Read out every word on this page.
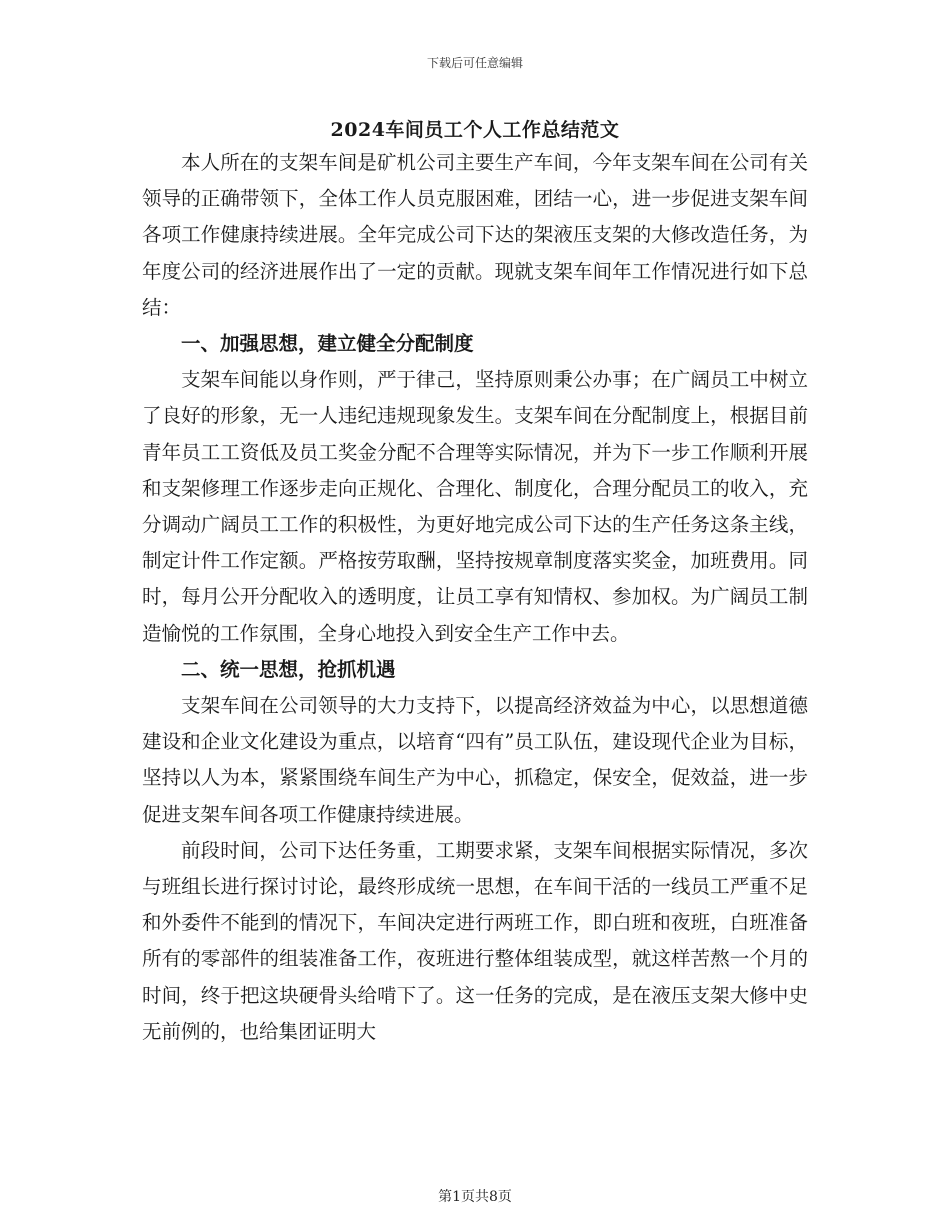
下载后可任意编辑
2024车间员工个人工作总结范文

本人所在的支架车间是矿机公司主要生产车间，今年支架车间在公司有关领导的正确带领下，全体工作人员克服困难，团结一心，进一步促进支架车间各项工作健康持续进展。全年完成公司下达的架液压支架的大修改造任务，为年度公司的经济进展作出了一定的贡献。现就支架车间年工作情况进行如下总结：

一、加强思想，建立健全分配制度

支架车间能以身作则，严于律己，坚持原则秉公办事；在广阔员工中树立了良好的形象，无一人违纪违规现象发生。支架车间在分配制度上，根据目前青年员工工资低及员工奖金分配不合理等实际情况，并为下一步工作顺利开展和支架修理工作逐步走向正规化、合理化、制度化，合理分配员工的收入，充分调动广阔员工工作的积极性，为更好地完成公司下达的生产任务这条主线，制定计件工作定额。严格按劳取酬，坚持按规章制度落实奖金，加班费用。同时，每月公开分配收入的透明度，让员工享有知情权、参加权。为广阔员工制造愉悦的工作氛围，全身心地投入到安全生产工作中去。

二、统一思想，抢抓机遇

支架车间在公司领导的大力支持下，以提高经济效益为中心，以思想道德建设和企业文化建设为重点，以培育“四有”员工队伍，建设现代企业为目标，坚持以人为本，紧紧围绕车间生产为中心，抓稳定，保安全，促效益，进一步促进支架车间各项工作健康持续进展。

前段时间，公司下达任务重，工期要求紧，支架车间根据实际情况，多次与班组长进行探讨讨论，最终形成统一思想，在车间干活的一线员工严重不足和外委件不能到的情况下，车间决定进行两班工作，即白班和夜班，白班准备所有的零部件的组装准备工作，夜班进行整体组装成型，就这样苦熬一个月的时间，终于把这块硬骨头给啃下了。这一任务的完成，是在液压支架大修中史无前例的，也给集团证明大

第1页共8页
